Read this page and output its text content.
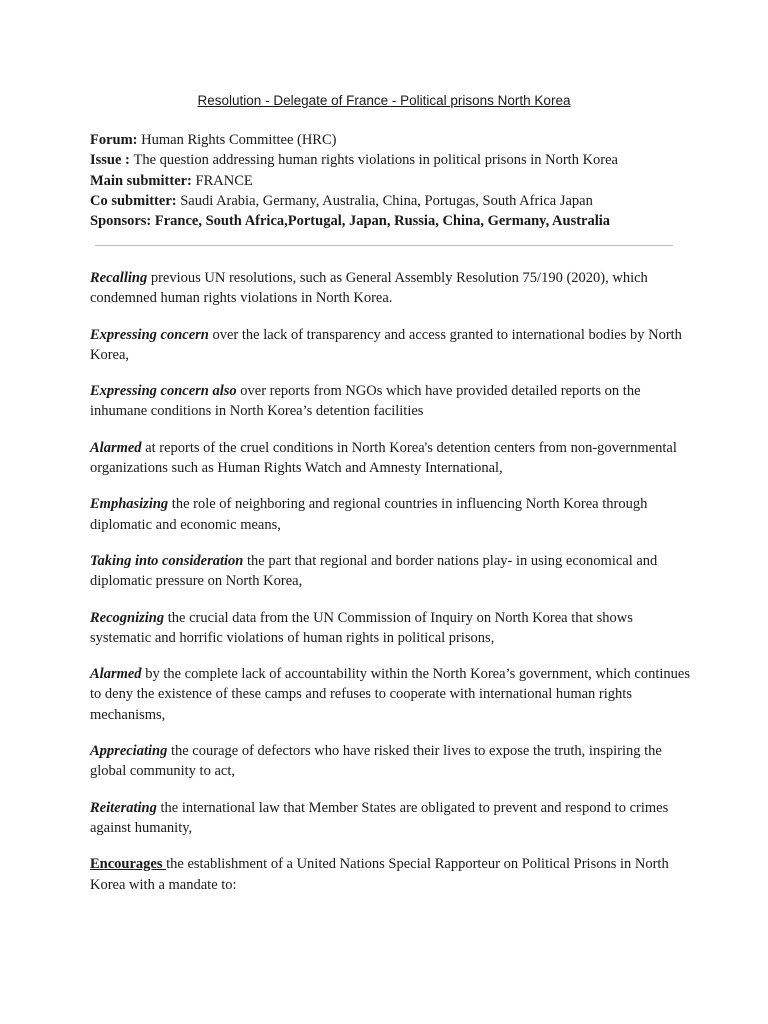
Resolution - Delegate of France - Political prisons North Korea
Forum: Human Rights Committee (HRC)
Issue : The question addressing human rights violations in political prisons in North Korea
Main submitter: FRANCE
Co submitter: Saudi Arabia, Germany, Australia, China, Portugas, South Africa Japan
Sponsors: France, South Africa,Portugal, Japan, Russia, China, Germany, Australia

Recalling previous UN resolutions, such as General Assembly Resolution 75/190 (2020), which condemned human rights violations in North Korea.

Expressing concern over the lack of transparency and access granted to international bodies by North Korea,

Expressing concern also over reports from NGOs which have provided detailed reports on the inhumane conditions in North Korea’s detention facilities

Alarmed at reports of the cruel conditions in North Korea's detention centers from non-governmental organizations such as Human Rights Watch and Amnesty International,

Emphasizing the role of neighboring and regional countries in influencing North Korea through diplomatic and economic means,

Taking into consideration the part that regional and border nations play- in using economical and diplomatic pressure on North Korea,

Recognizing the crucial data from the UN Commission of Inquiry on North Korea that shows systematic and horrific violations of human rights in political prisons,

Alarmed by the complete lack of accountability within the North Korea’s government, which continues to deny the existence of these camps and refuses to cooperate with international human rights mechanisms,

Appreciating the courage of defectors who have risked their lives to expose the truth, inspiring the global community to act,

Reiterating the international law that Member States are obligated to prevent and respond to crimes against humanity,

Encourages the establishment of a United Nations Special Rapporteur on Political Prisons in North Korea with a mandate to:
